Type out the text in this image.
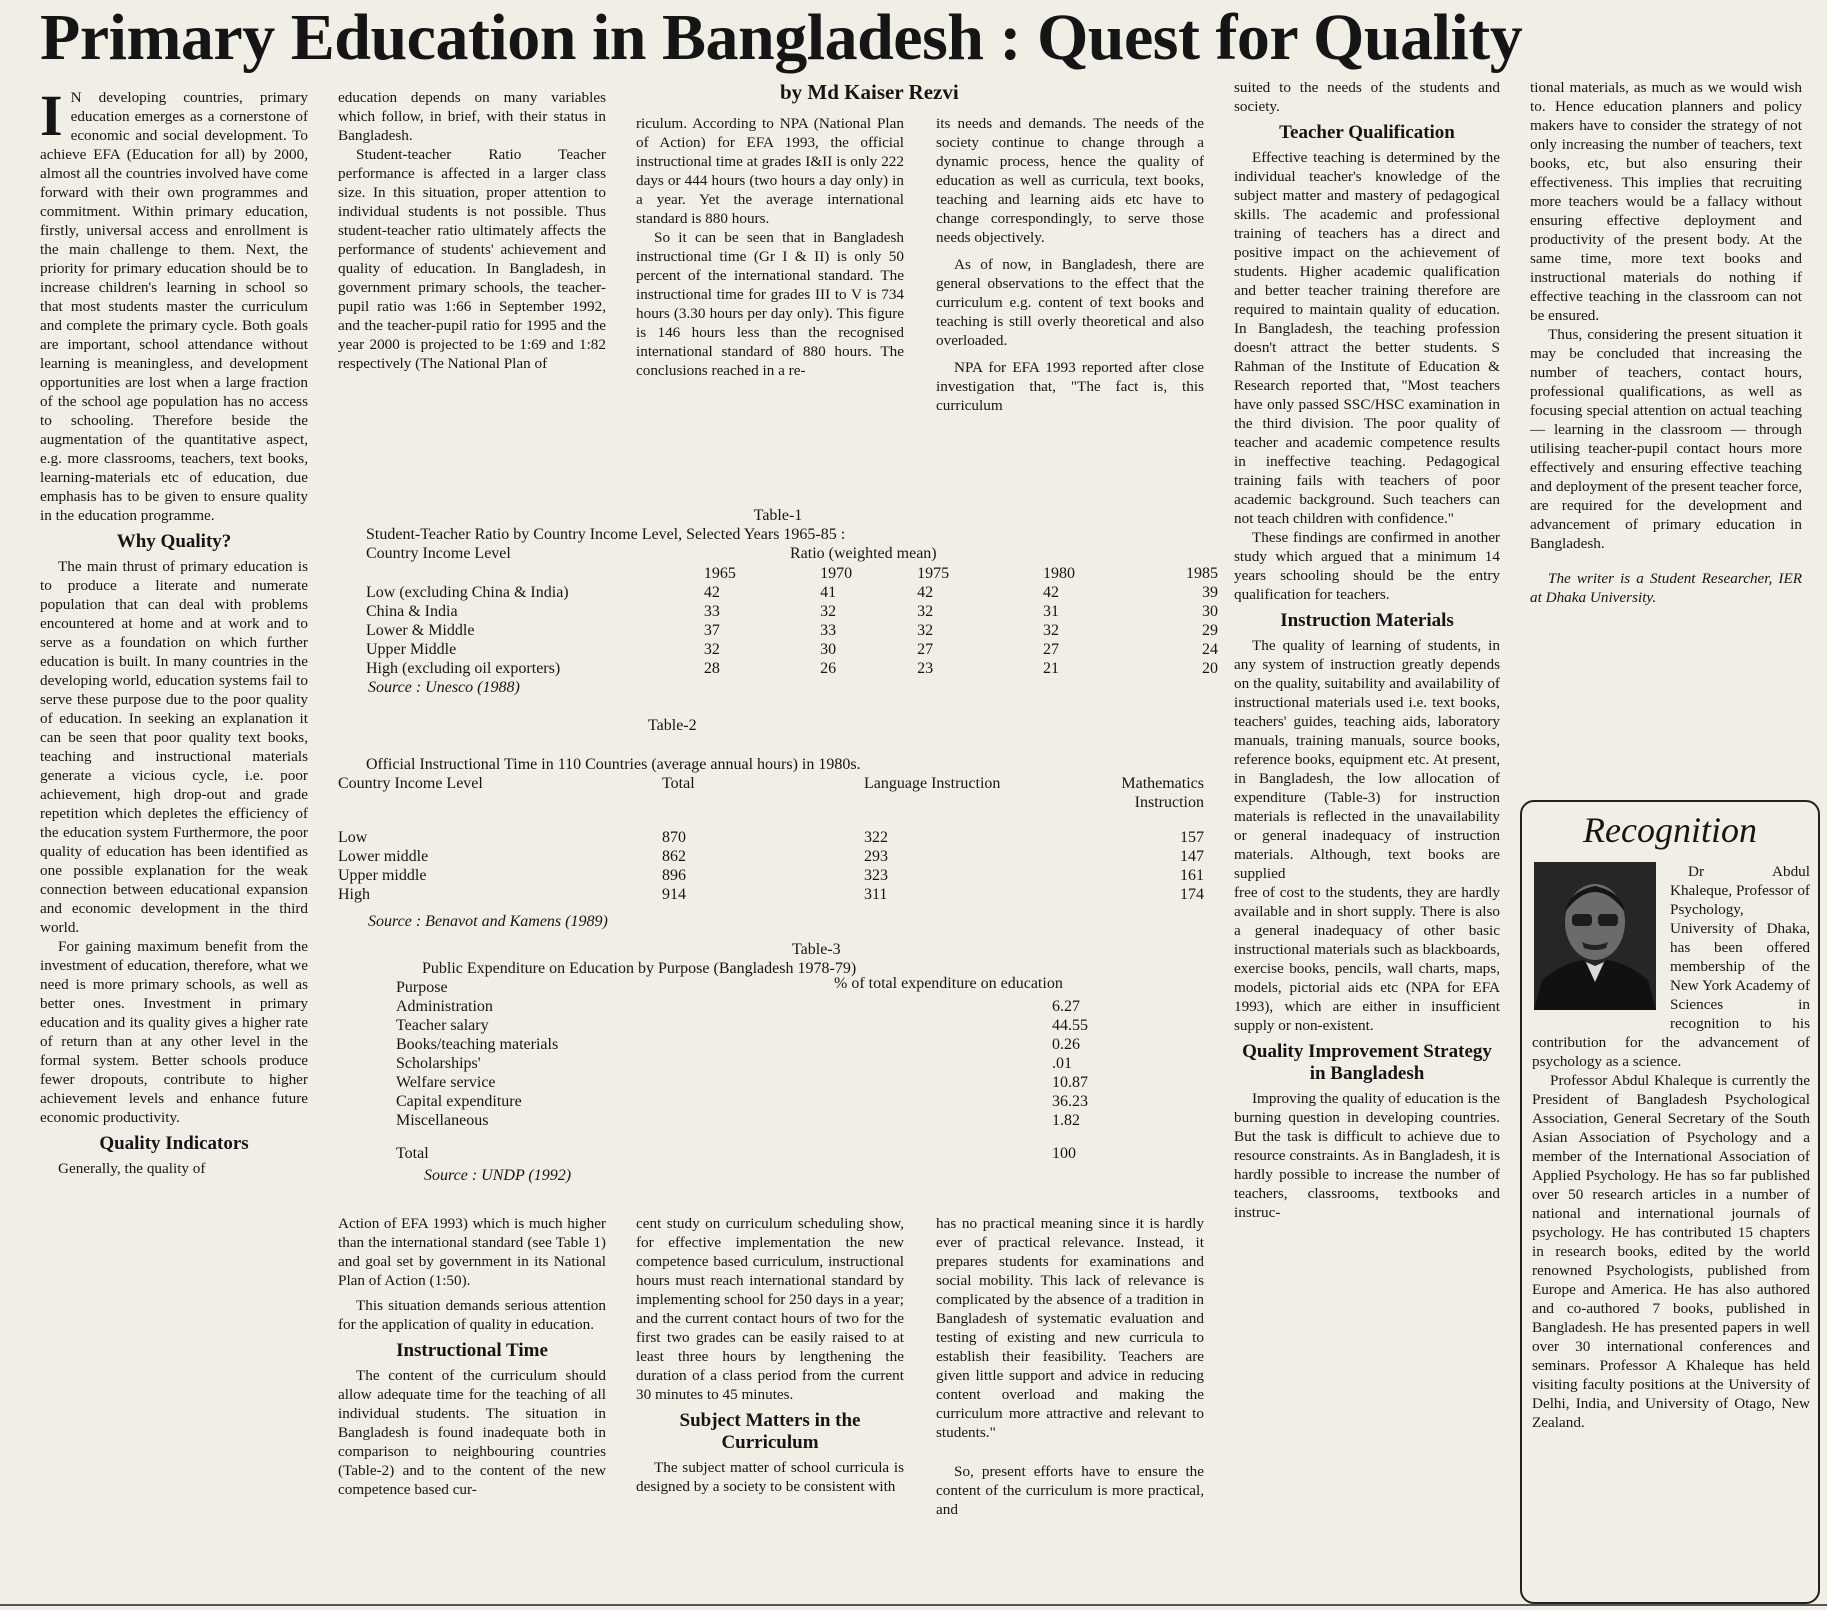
Primary Education in Bangladesh : Quest for Quality
by Md Kaiser Rezvi

I N developing countries, primary education emerges as a cornerstone of economic and social development. To achieve EFA (Education for all) by 2000, almost all the countries involved have come forward with their own programmes and commitment. Within primary education, firstly, universal access and enrollment is the main challenge to them. Next, the priority for primary education should be to increase children's learning in school so that most students master the curriculum and complete the primary cycle. Both goals are important, school attendance without learning is meaningless, and development opportunities are lost when a large fraction of the school age population has no access to schooling. Therefore beside the augmentation of the quantitative aspect, e.g. more classrooms, teachers, text books, learning-materials etc of education, due emphasis has to be given to ensure quality in the education programme.

Why Quality?

The main thrust of primary education is to produce a literate and numerate population that can deal with problems encountered at home and at work and to serve as a foundation on which further education is built. In many countries in the developing world, education systems fail to serve these purpose due to the poor quality of education. In seeking an explanation it can be seen that poor quality text books, teaching and instructional materials generate a vicious cycle, i.e. poor achievement, high drop-out and grade repetition which depletes the efficiency of the education system Furthermore, the poor quality of education has been identified as one possible explanation for the weak connection between educational expansion and economic development in the third world.

For gaining maximum benefit from the investment of education, therefore, what we need is more primary schools, as well as better ones. Investment in primary education and its quality gives a higher rate of return than at any other level in the formal system. Better schools produce fewer dropouts, contribute to higher achievement levels and enhance future economic productivity.

Quality Indicators

Generally, the quality of

education depends on many variables which follow, in brief, with their status in Bangladesh.

Student-teacher Ratio Teacher performance is affected in a larger class size. In this situation, proper attention to individual students is not possible. Thus student-teacher ratio ultimately affects the performance of students' achievement and quality of education. In Bangladesh, in government primary schools, the teacher-pupil ratio was 1:66 in September 1992, and the teacher-pupil ratio for 1995 and the year 2000 is projected to be 1:69 and 1:82 respectively (The National Plan of

riculum. According to NPA (National Plan of Action) for EFA 1993, the official instructional time at grades I&II is only 222 days or 444 hours (two hours a day only) in a year. Yet the average international standard is 880 hours.

So it can be seen that in Bangladesh instructional time (Gr I & II) is only 50 percent of the international standard. The instructional time for grades III to V is 734 hours (3.30 hours per day only). This figure is 146 hours less than the recognised international standard of 880 hours. The conclusions reached in a re-

its needs and demands. The needs of the society continue to change through a dynamic process, hence the quality of education as well as curricula, text books, teaching and learning aids etc have to change correspondingly, to serve those needs objectively.

As of now, in Bangladesh, there are general observations to the effect that the curriculum e.g. content of text books and teaching is still overly theoretical and also overloaded.

NPA for EFA 1993 reported after close investigation that, "The fact is, this curriculum

suited to the needs of the students and society.

Teacher Qualification

Effective teaching is determined by the individual teacher's knowledge of the subject matter and mastery of pedagogical skills. The academic and professional training of teachers has a direct and positive impact on the achievement of students. Higher academic qualification and better teacher training therefore are required to maintain quality of education. In Bangladesh, the teaching profession doesn't attract the better students. S Rahman of the Institute of Education & Research reported that, "Most teachers have only passed SSC/HSC examination in the third division. The poor quality of teacher and academic competence results in ineffective teaching. Pedagogical training fails with teachers of poor academic background. Such teachers can not teach children with confidence."

These findings are confirmed in another study which argued that a minimum 14 years schooling should be the entry qualification for teachers.

Instruction Materials

The quality of learning of students, in any system of instruction greatly depends on the quality, suitability and availability of instructional materials used i.e. text books, teachers' guides, teaching aids, laboratory manuals, training manuals, source books, reference books, equipment etc. At present, in Bangladesh, the low allocation of expenditure (Table-3) for instruction materials is reflected in the unavailability or general inadequacy of instruction materials. Although, text books are supplied

free of cost to the students, they are hardly available and in short supply. There is also a general inadequacy of other basic instructional materials such as blackboards, exercise books, pencils, wall charts, maps, models, pictorial aids etc (NPA for EFA 1993), which are either in insufficient supply or non-existent.

Quality Improvement Strategy in Bangladesh

Improving the quality of education is the burning question in developing countries. But the task is difficult to achieve due to resource constraints. As in Bangladesh, it is hardly possible to increase the number of teachers, classrooms, textbooks and instruc-

tional materials, as much as we would wish to. Hence education planners and policy makers have to consider the strategy of not only increasing the number of teachers, text books, etc, but also ensuring their effectiveness. This implies that recruiting more teachers would be a fallacy without ensuring effective deployment and productivity of the present body. At the same time, more text books and instructional materials do nothing if effective teaching in the classroom can not be ensured.

Thus, considering the present situation it may be concluded that increasing the number of teachers, contact hours, professional qualifications, as well as focusing special attention on actual teaching — learning in the classroom — through utilising teacher-pupil contact hours more effectively and ensuring effective teaching and deployment of the present teacher force, are required for the development and advancement of primary education in Bangladesh.

The writer is a Student Researcher, IER at Dhaka University.

Table-1
Student-Teacher Ratio by Country Income Level, Selected Years 1965-85 :
Country Income Level	Ratio (weighted mean)
	1965	1970	1975	1980	1985
Low (excluding China & India)	42	41	42	42	39
China & India	33	32	32	31	30
Lower & Middle	37	33	32	32	29
Upper Middle	32	30	27	27	24
High (excluding oil exporters)	28	26	23	21	20
Source : Unesco (1988)
Table-2
Official Instructional Time in 110 Countries (average annual hours) in 1980s.
Country Income Level	Total	Language Instruction	Mathematics Instruction
Low	870	322	157
Lower middle	862	293	147
Upper middle	896	323	161
High	914	311	174
Source : Benavot and Kamens (1989)
Table-3
Public Expenditure on Education by Purpose (Bangladesh 1978-79)
Purpose	% of total expenditure on education
Administration	6.27
Teacher salary	44.55
Books/teaching materials	0.26
Scholarships'	.01
Welfare service	10.87
Capital expenditure	36.23
Miscellaneous	1.82
Total	100
Source : UNDP (1992)

Action of EFA 1993) which is much higher than the international standard (see Table 1) and goal set by government in its National Plan of Action (1:50).

This situation demands serious attention for the application of quality in education.

Instructional Time

The content of the curriculum should allow adequate time for the teaching of all individual students. The situation in Bangladesh is found inadequate both in comparison to neighbouring countries (Table-2) and to the content of the new competence based cur-

cent study on curriculum scheduling show, for effective implementation the new competence based curriculum, instructional hours must reach international standard by implementing school for 250 days in a year; and the current contact hours of two for the first two grades can be easily raised to at least three hours by lengthening the duration of a class period from the current 30 minutes to 45 minutes.

Subject Matters in the Curriculum

The subject matter of school curricula is designed by a society to be consistent with

has no practical meaning since it is hardly ever of practical relevance. Instead, it prepares students for examinations and social mobility. This lack of relevance is complicated by the absence of a tradition in Bangladesh of systematic evaluation and testing of existing and new curricula to establish their feasibility. Teachers are given little support and advice in reducing content overload and making the curriculum more attractive and relevant to students."

So, present efforts have to ensure the content of the curriculum is more practical, and

Recognition

Dr Abdul Khaleque, Professor of Psychology, University of Dhaka, has been offered membership of the New York Academy of Sciences in recognition to his contribution for the advancement of psychology as a science.

Professor Abdul Khaleque is currently the President of Bangladesh Psychological Association, General Secretary of the South Asian Association of Psychology and a member of the International Association of Applied Psychology. He has so far published over 50 research articles in a number of national and international journals of psychology. He has contributed 15 chapters in research books, edited by the world renowned Psychologists, published from Europe and America. He has also authored and co-authored 7 books, published in Bangladesh. He has presented papers in well over 30 international conferences and seminars. Professor A Khaleque has held visiting faculty positions at the University of Delhi, India, and University of Otago, New Zealand.
